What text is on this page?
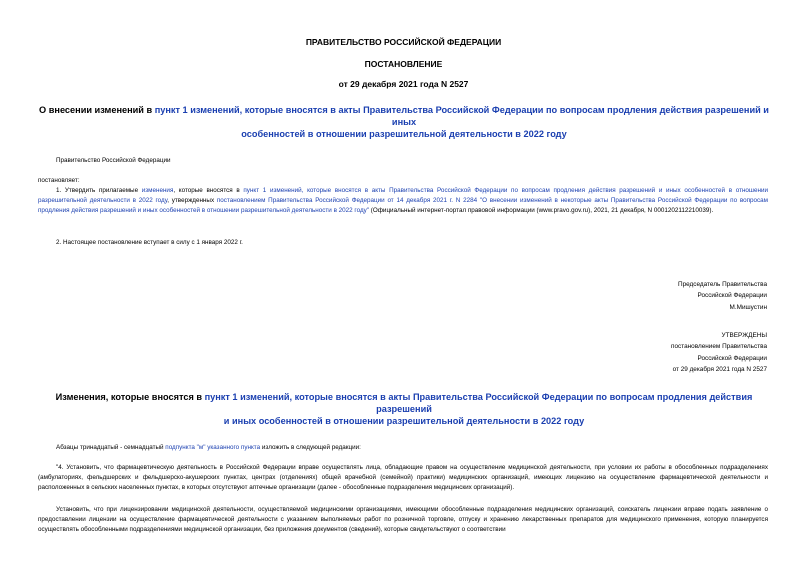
ПРАВИТЕЛЬСТВО РОССИЙСКОЙ ФЕДЕРАЦИИ
ПОСТАНОВЛЕНИЕ
от 29 декабря 2021 года N 2527
О внесении изменений в пункт 1 изменений, которые вносятся в акты Правительства Российской Федерации по вопросам продления действия разрешений и иных
особенностей в отношении разрешительной деятельности в 2022 году
Правительство Российской Федерации
постановляет:
1. Утвердить прилагаемые изменения, которые вносятся в пункт 1 изменений, которые вносятся в акты Правительства Российской Федерации по вопросам продления действия разрешений и иных особенностей в отношении разрешительной деятельности в 2022 году, утвержденных постановлением Правительства Российской Федерации от 14 декабря 2021 г. N 2284 "О внесении изменений в некоторые акты Правительства Российской Федерации по вопросам продления действия разрешений и иных особенностей в отношении разрешительной деятельности в 2022 году" (Официальный интернет-портал правовой информации (www.pravo.gov.ru), 2021, 21 декабря, N 0001202112210039).
2. Настоящее постановление вступает в силу с 1 января 2022 г.
Председатель Правительства
Российской Федерации
М.Мишустин
УТВЕРЖДЕНЫ
постановлением Правительства
Российской Федерации
от 29 декабря 2021 года N 2527
Изменения, которые вносятся в пункт 1 изменений, которые вносятся в акты Правительства Российской Федерации по вопросам продления действия разрешений
и иных особенностей в отношении разрешительной деятельности в 2022 году
Абзацы тринадцатый - семнадцатый подпункта "м" указанного пункта изложить в следующей редакции:
"4. Установить, что фармацевтическую деятельность в Российской Федерации вправе осуществлять лица, обладающие правом на осуществление медицинской деятельности, при условии их работы в обособленных подразделениях (амбулаториях, фельдшерских и фельдшерско-акушерских пунктах, центрах (отделениях) общей врачебной (семейной) практики) медицинских организаций, имеющих лицензию на осуществление фармацевтической деятельности и расположенных в сельских населенных пунктах, в которых отсутствуют аптечные организации (далее - обособленные подразделения медицинских организаций).
Установить, что при лицензировании медицинской деятельности, осуществляемой медицинскими организациями, имеющими обособленные подразделения медицинских организаций, соискатель лицензии вправе подать заявление о предоставлении лицензии на осуществление фармацевтической деятельности с указанием выполняемых работ по розничной торговле, отпуску и хранению лекарственных препаратов для медицинского применения, которую планируется осуществлять обособленными подразделениями медицинской организации, без приложения документов (сведений), которые свидетельствуют о соответствии
